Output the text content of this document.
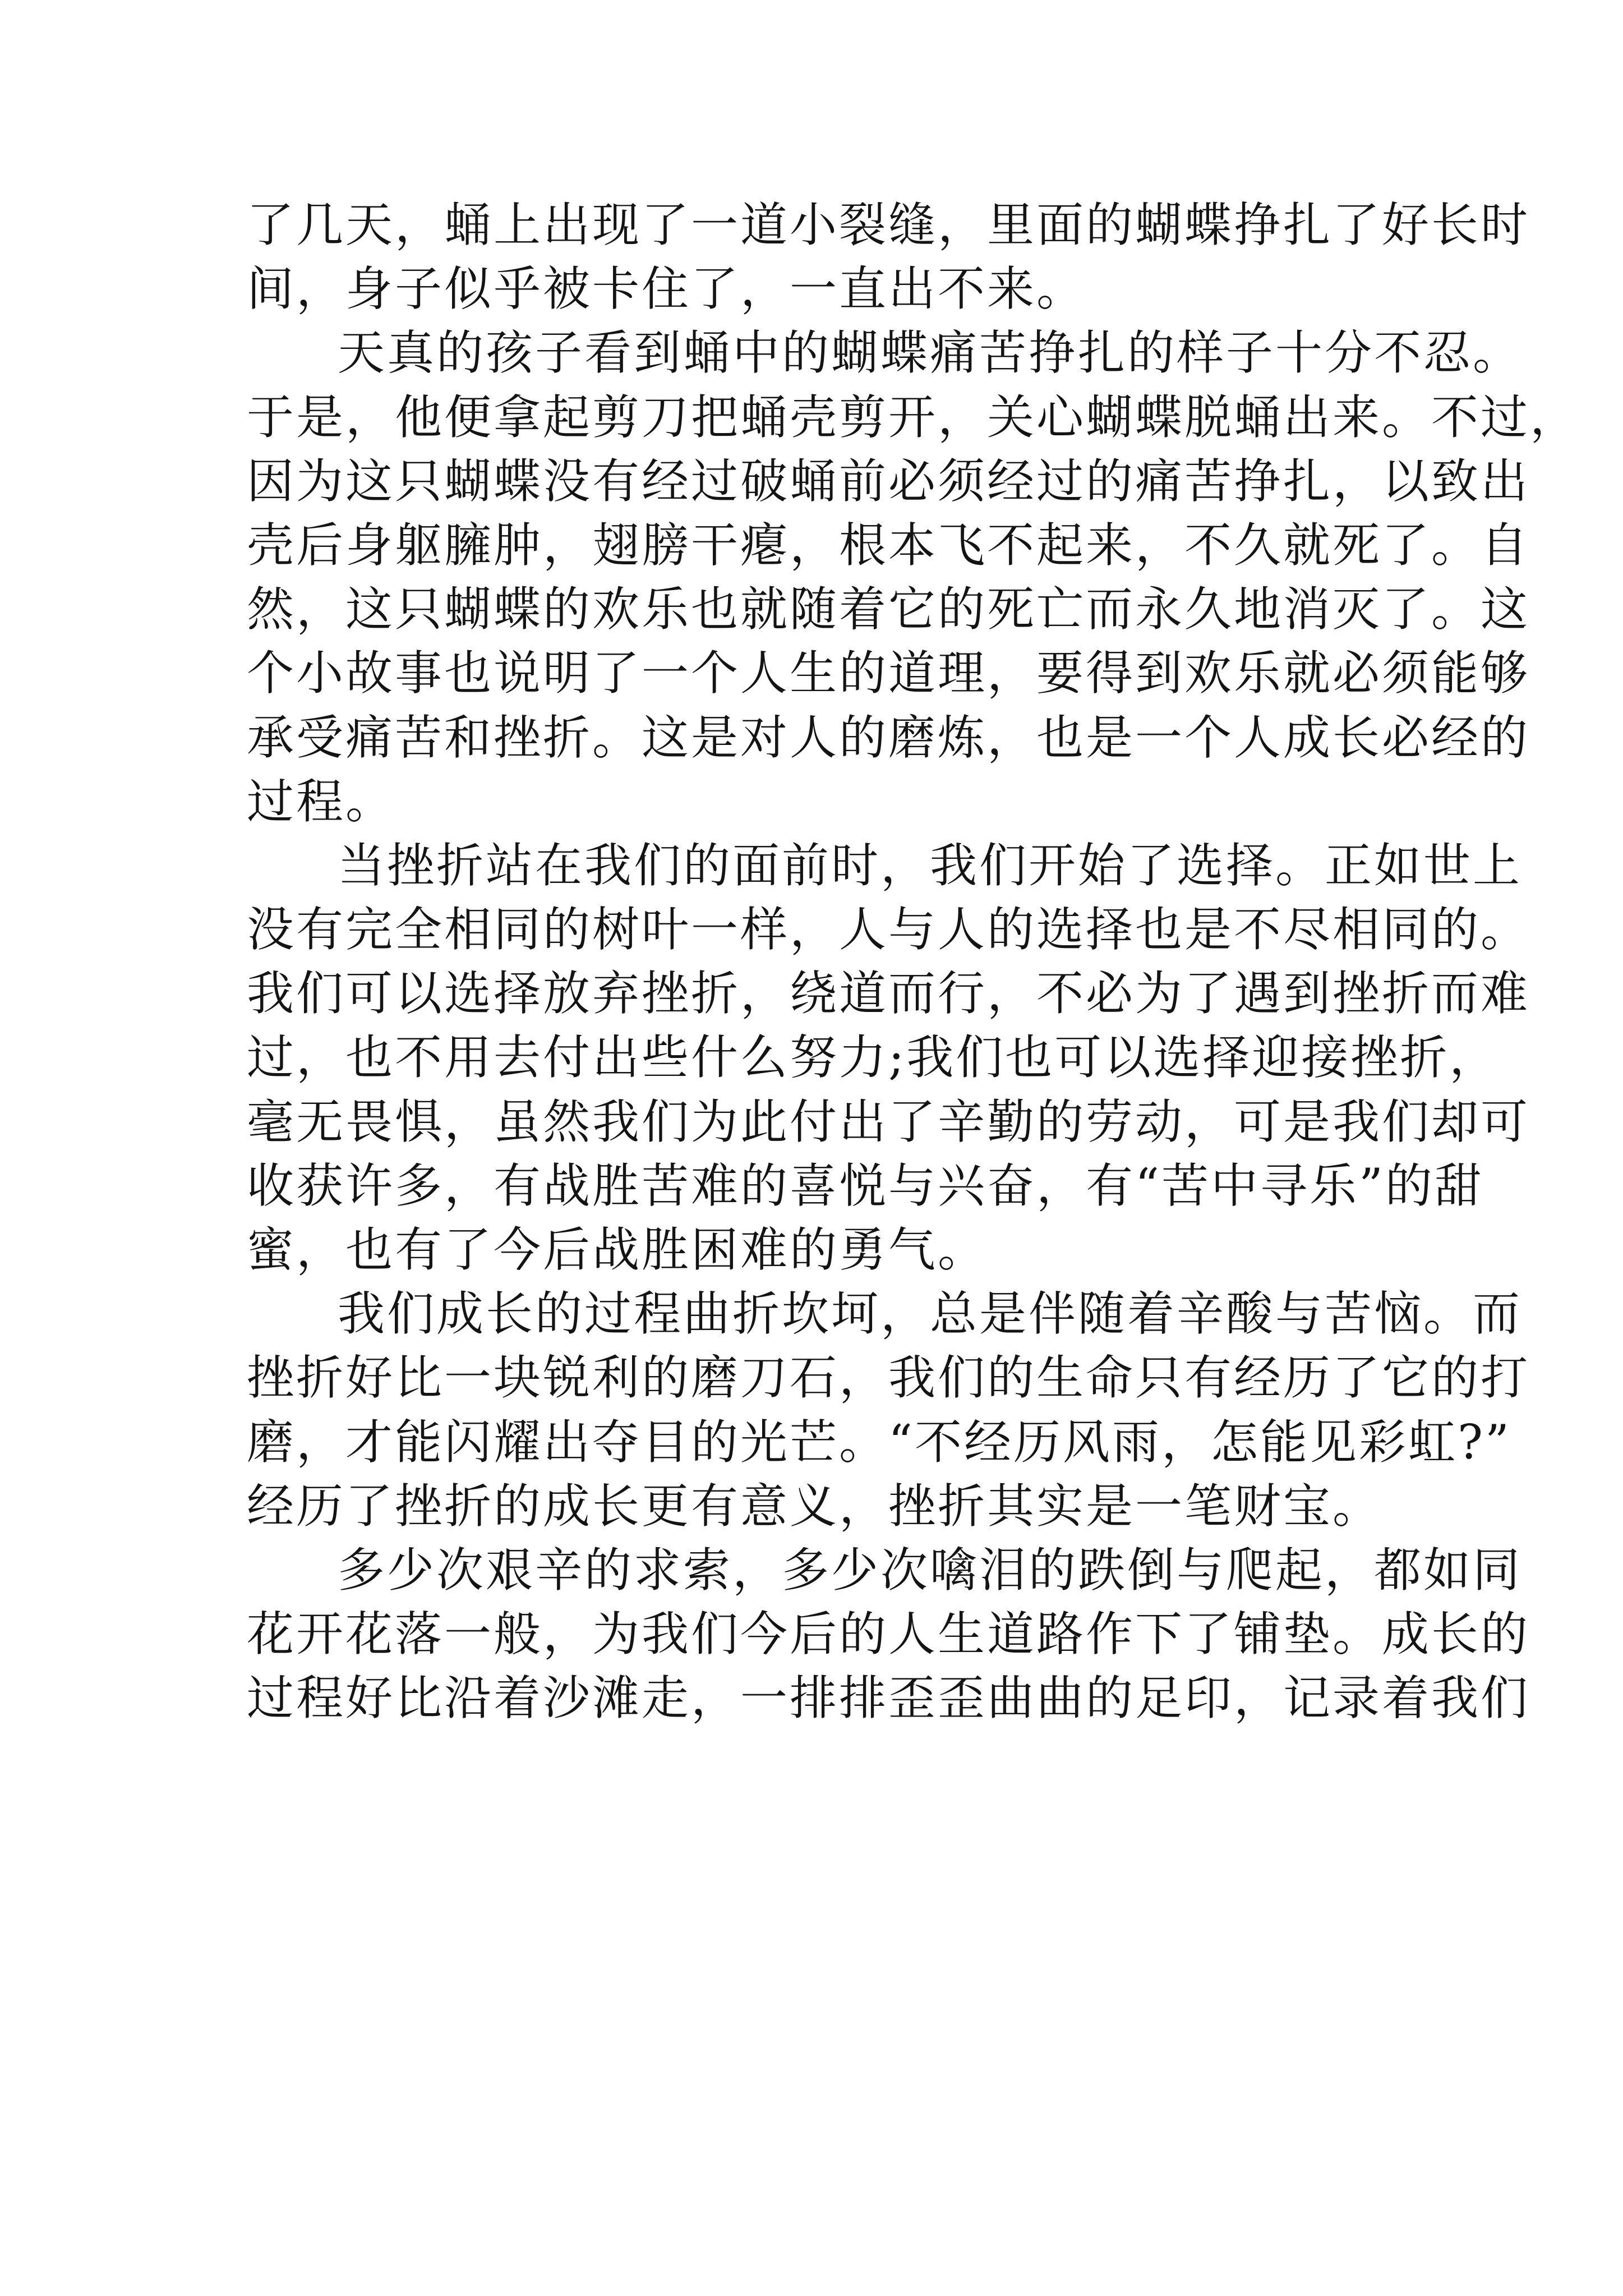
了几天，蛹上出现了一道小裂缝，里面的蝴蝶挣扎了好长时
间，身子似乎被卡住了，一直出不来。
天真的孩子看到蛹中的蝴蝶痛苦挣扎的样子十分不忍。
于是，他便拿起剪刀把蛹壳剪开，关心蝴蝶脱蛹出来。不过，
因为这只蝴蝶没有经过破蛹前必须经过的痛苦挣扎，以致出
壳后身躯臃肿，翅膀干瘪，根本飞不起来，不久就死了。自
然，这只蝴蝶的欢乐也就随着它的死亡而永久地消灭了。这
个小故事也说明了一个人生的道理，要得到欢乐就必须能够
承受痛苦和挫折。这是对人的磨炼，也是一个人成长必经的
过程。
当挫折站在我们的面前时，我们开始了选择。正如世上
没有完全相同的树叶一样，人与人的选择也是不尽相同的。
我们可以选择放弃挫折，绕道而行，不必为了遇到挫折而难
过，也不用去付出些什么努力;我们也可以选择迎接挫折，
毫无畏惧，虽然我们为此付出了辛勤的劳动，可是我们却可
收获许多，有战胜苦难的喜悦与兴奋，有“苦中寻乐”的甜
蜜，也有了今后战胜困难的勇气。
我们成长的过程曲折坎坷，总是伴随着辛酸与苦恼。而
挫折好比一块锐利的磨刀石，我们的生命只有经历了它的打
磨，才能闪耀出夺目的光芒。“不经历风雨，怎能见彩虹?”
经历了挫折的成长更有意义，挫折其实是一笔财宝。
多少次艰辛的求索，多少次噙泪的跌倒与爬起，都如同
花开花落一般，为我们今后的人生道路作下了铺垫。成长的
过程好比沿着沙滩走，一排排歪歪曲曲的足印，记录着我们
